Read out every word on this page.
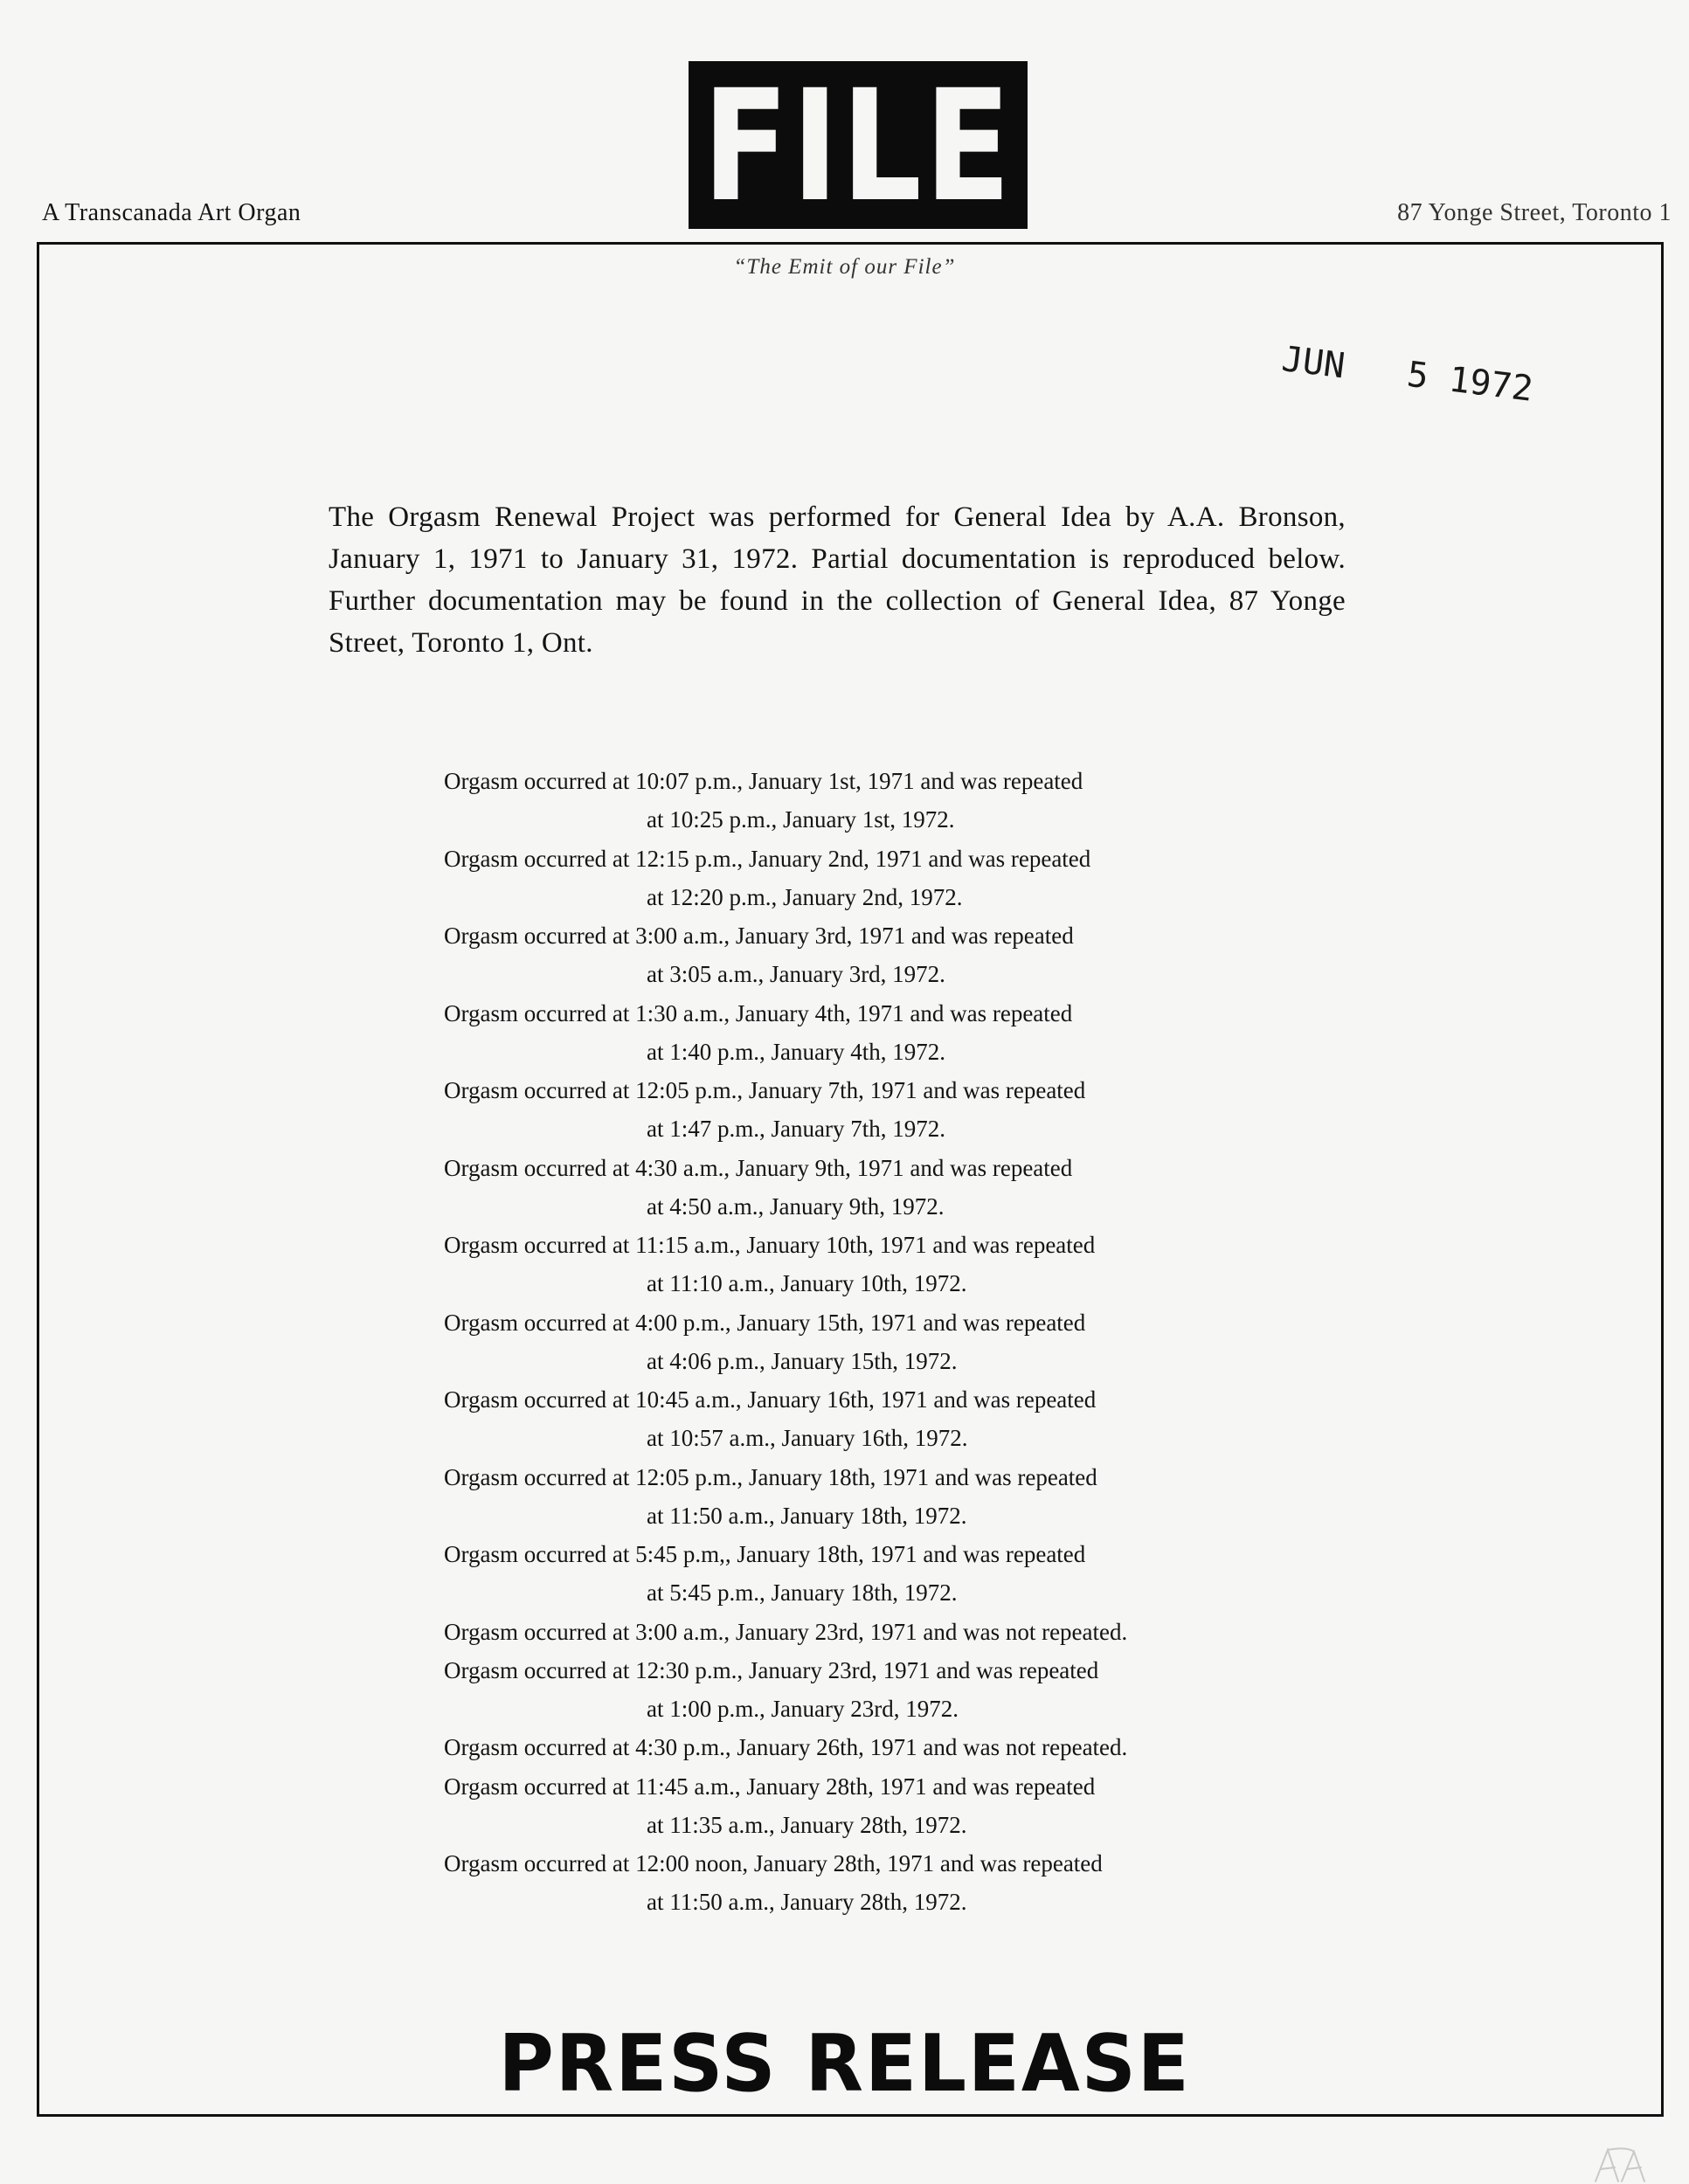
FILE
A Transcanada Art Organ	87 Yonge Street, Toronto 1
“The Emit of our File”
JUN 5 1972

The Orgasm Renewal Project was performed for General Idea by A.A. Bronson, January 1, 1971 to January 31, 1972. Partial documentation is reproduced below. Further documentation may be found in the collection of General Idea, 87 Yonge Street, Toronto 1, Ont.

Orgasm occurred at 10:07 p.m., January 1st, 1971 and was repeated
at 10:25 p.m., January 1st, 1972.
Orgasm occurred at 12:15 p.m., January 2nd, 1971 and was repeated
at 12:20 p.m., January 2nd, 1972.
Orgasm occurred at 3:00 a.m., January 3rd, 1971 and was repeated
at 3:05 a.m., January 3rd, 1972.
Orgasm occurred at 1:30 a.m., January 4th, 1971 and was repeated
at 1:40 p.m., January 4th, 1972.
Orgasm occurred at 12:05 p.m., January 7th, 1971 and was repeated
at 1:47 p.m., January 7th, 1972.
Orgasm occurred at 4:30 a.m., January 9th, 1971 and was repeated
at 4:50 a.m., January 9th, 1972.
Orgasm occurred at 11:15 a.m., January 10th, 1971 and was repeated
at 11:10 a.m., January 10th, 1972.
Orgasm occurred at 4:00 p.m., January 15th, 1971 and was repeated
at 4:06 p.m., January 15th, 1972.
Orgasm occurred at 10:45 a.m., January 16th, 1971 and was repeated
at 10:57 a.m., January 16th, 1972.
Orgasm occurred at 12:05 p.m., January 18th, 1971 and was repeated
at 11:50 a.m., January 18th, 1972.
Orgasm occurred at 5:45 p.m,, January 18th, 1971 and was repeated
at 5:45 p.m., January 18th, 1972.
Orgasm occurred at 3:00 a.m., January 23rd, 1971 and was not repeated.
Orgasm occurred at 12:30 p.m., January 23rd, 1971 and was repeated
at 1:00 p.m., January 23rd, 1972.
Orgasm occurred at 4:30 p.m., January 26th, 1971 and was not repeated.
Orgasm occurred at 11:45 a.m., January 28th, 1971 and was repeated
at 11:35 a.m., January 28th, 1972.
Orgasm occurred at 12:00 noon, January 28th, 1971 and was repeated
at 11:50 a.m., January 28th, 1972.
PRESS RELEASE
